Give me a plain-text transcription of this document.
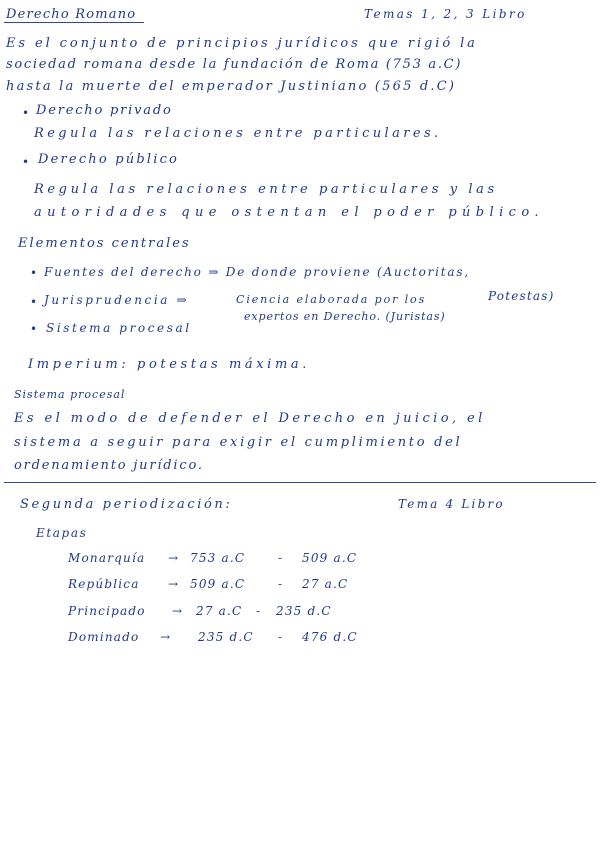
Derecho Romano	Temas 1, 2, 3 Libro
Es el conjunto de principios jurídicos que rigió la
sociedad romana desde la fundación de Roma (753 a.C)
hasta la muerte del emperador Justiniano (565 d.C)
• Derecho privado
Regula las relaciones entre particulares.
• Derecho público
Regula las relaciones entre particulares y las
autoridades que ostentan el poder público.
Elementos centrales
• Fuentes del derecho ⇒ De donde proviene (Auctoritas,
Potestas)
• Jurisprudencia ⇒	Ciencia elaborada por los
expertos en Derecho. (Juristas)
• Sistema procesal
Imperium: potestas máxima.
Sistema procesal
Es el modo de defender el Derecho en juicio, el
sistema a seguir para exigir el cumplimiento del
ordenamiento jurídico.
Segunda periodización:	Tema 4 Libro
Etapas
Monarquía → 753 a.C	- 509 a.C
República → 509 a.C	- 27 a.C
Principado → 27 a.C - 235 d.C
Dominado → 235 d.C - 476 d.C
